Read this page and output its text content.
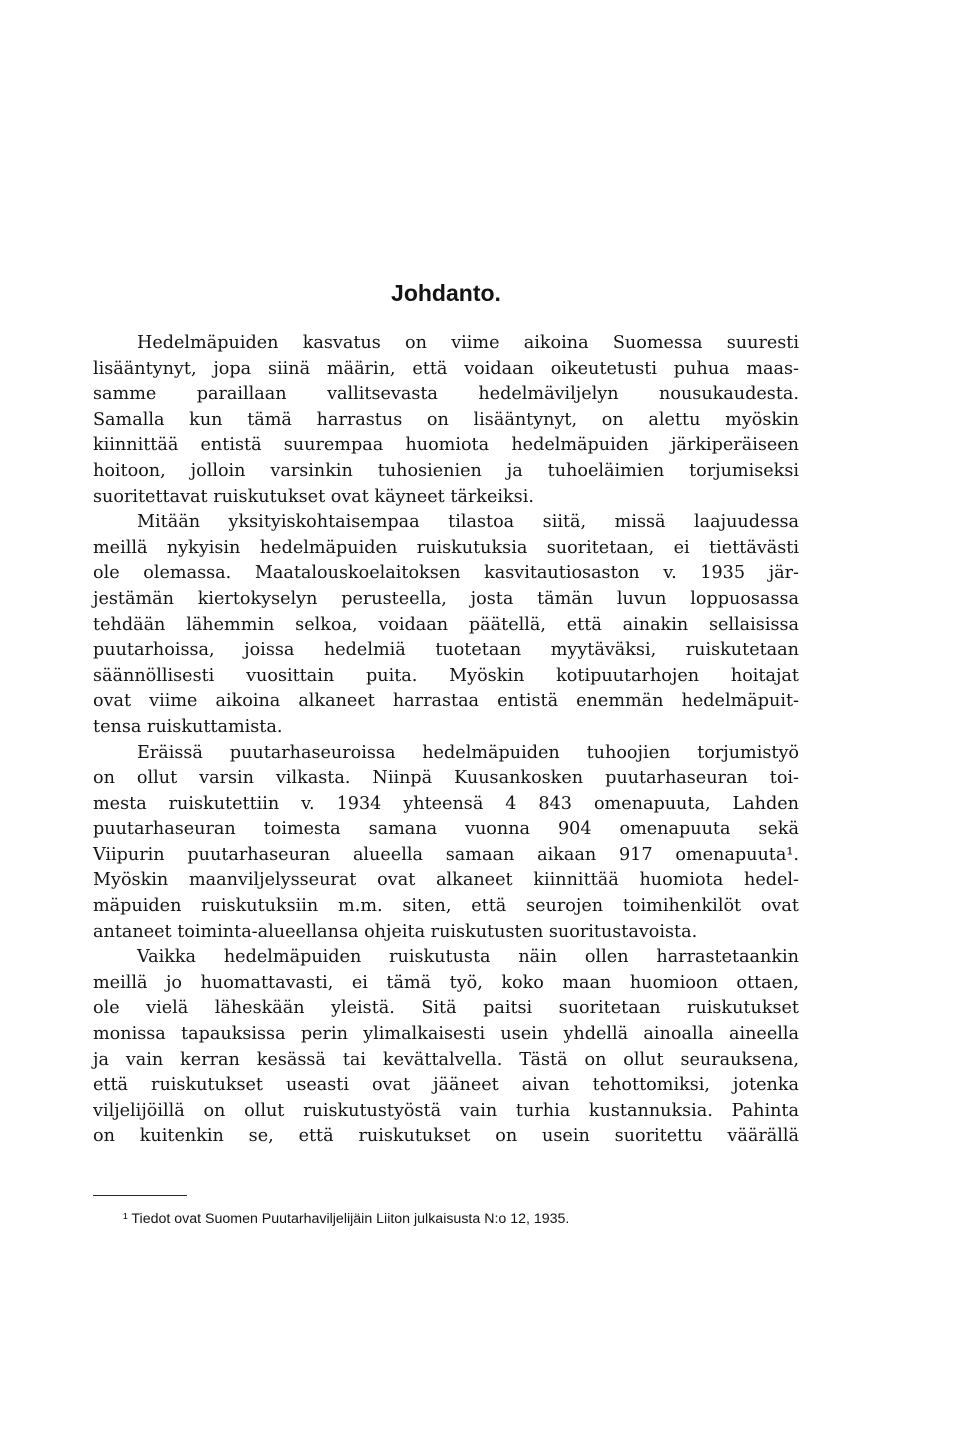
Johdanto.

Hedelmäpuiden kasvatus on viime aikoina Suomessa suuresti
lisääntynyt, jopa siinä määrin, että voidaan oikeutetusti puhua maas-
samme paraillaan vallitsevasta hedelmäviljelyn nousukaudesta.
Samalla kun tämä harrastus on lisääntynyt, on alettu myöskin
kiinnittää entistä suurempaa huomiota hedelmäpuiden järkiperäiseen
hoitoon, jolloin varsinkin tuhosienien ja tuhoeläimien torjumiseksi
suoritettavat ruiskutukset ovat käyneet tärkeiksi.

Mitään yksityiskohtaisempaa tilastoa siitä, missä laajuudessa
meillä nykyisin hedelmäpuiden ruiskutuksia suoritetaan, ei tiettävästi
ole olemassa. Maatalouskoelaitoksen kasvitautiosaston v. 1935 jär-
jestämän kiertokyselyn perusteella, josta tämän luvun loppuosassa
tehdään lähemmin selkoa, voidaan päätellä, että ainakin sellaisissa
puutarhoissa, joissa hedelmiä tuotetaan myytäväksi, ruiskutetaan
säännöllisesti vuosittain puita. Myöskin kotipuutarhojen hoitajat
ovat viime aikoina alkaneet harrastaa entistä enemmän hedelmäpuit-
tensa ruiskuttamista.

Eräissä puutarhaseuroissa hedelmäpuiden tuhoojien torjumistyö
on ollut varsin vilkasta. Niinpä Kuusankosken puutarhaseuran toi-
mesta ruiskutettiin v. 1934 yhteensä 4 843 omenapuuta, Lahden
puutarhaseuran toimesta samana vuonna 904 omenapuuta sekä
Viipurin puutarhaseuran alueella samaan aikaan 917 omenapuuta¹.
Myöskin maanviljelysseurat ovat alkaneet kiinnittää huomiota hedel-
mäpuiden ruiskutuksiin m.m. siten, että seurojen toimihenkilöt ovat
antaneet toiminta-alueellansa ohjeita ruiskutusten suoritustavoista.

Vaikka hedelmäpuiden ruiskutusta näin ollen harrastetaankin
meillä jo huomattavasti, ei tämä työ, koko maan huomioon ottaen,
ole vielä läheskään yleistä. Sitä paitsi suoritetaan ruiskutukset
monissa tapauksissa perin ylimalkaisesti usein yhdellä ainoalla aineella
ja vain kerran kesässä tai kevättalvella. Tästä on ollut seurauksena,
että ruiskutukset useasti ovat jääneet aivan tehottomiksi, jotenka
viljelijöillä on ollut ruiskutustyöstä vain turhia kustannuksia. Pahinta
on kuitenkin se, että ruiskutukset on usein suoritettu väärällä

¹ Tiedot ovat Suomen Puutarhaviljelijäin Liiton julkaisusta N:o 12, 1935.
